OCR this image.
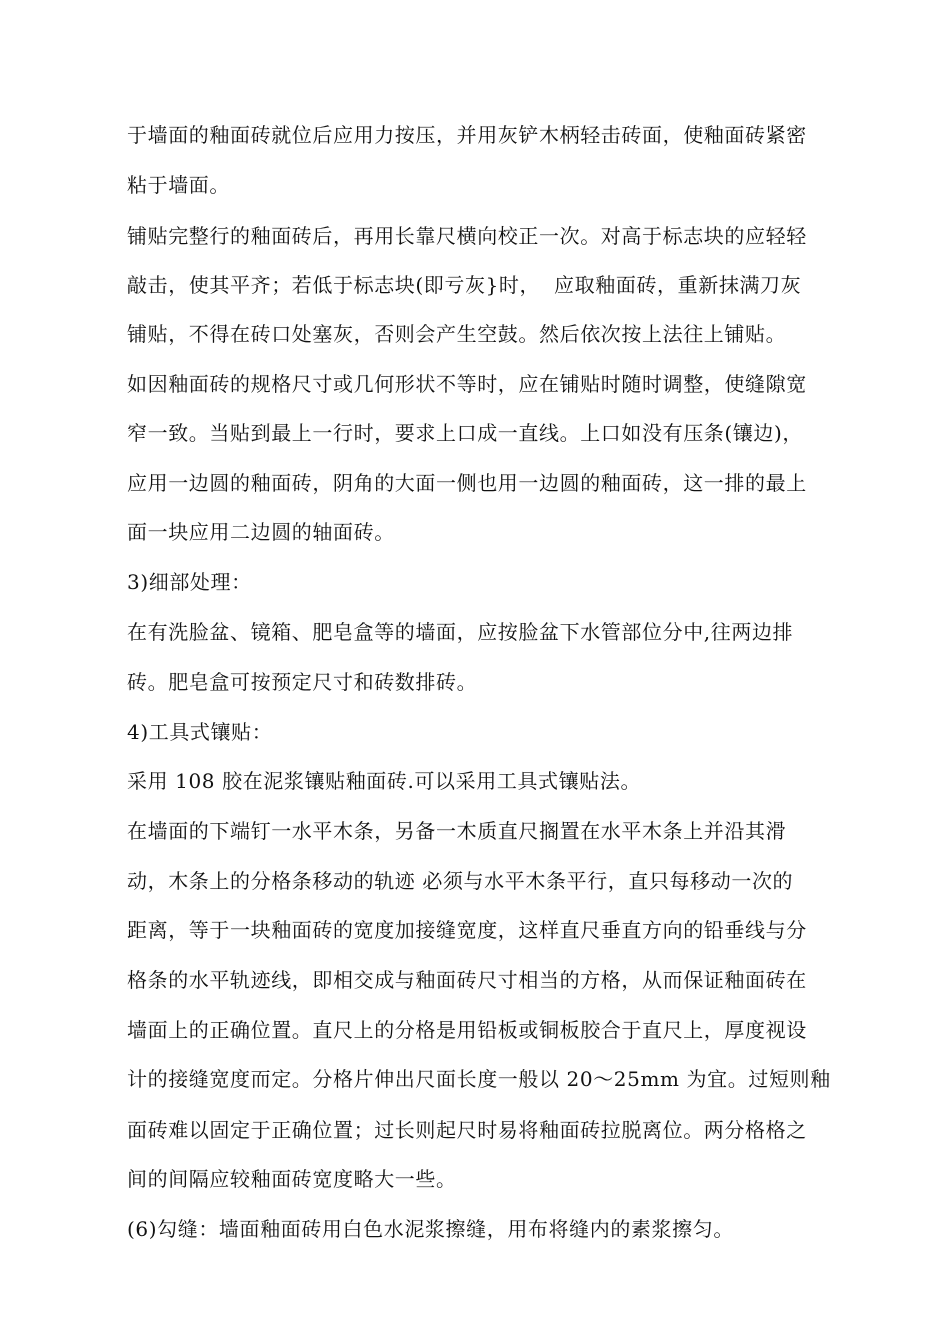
于墙面的釉面砖就位后应用力按压，并用灰铲木柄轻击砖面，使釉面砖紧密
粘于墙面。
铺贴完整行的釉面砖后，再用长靠尺横向校正一次。对高于标志块的应轻轻
敲击，使其平齐；若低于标志块(即亏灰}时，  应取釉面砖，重新抹满刀灰
铺贴，不得在砖口处塞灰，否则会产生空鼓。然后依次按上法往上铺贴。
如因釉面砖的规格尺寸或几何形状不等时，应在铺贴时随时调整，使缝隙宽
窄一致。当贴到最上一行时，要求上口成一直线。上口如没有压条(镶边)，
应用一边圆的釉面砖，阴角的大面一侧也用一边圆的釉面砖，这一排的最上
面一块应用二边圆的轴面砖。
3)细部处理：
在有洗脸盆、镜箱、肥皂盒等的墙面，应按脸盆下水管部位分中,往两边排
砖。肥皂盒可按预定尺寸和砖数排砖。
4)工具式镶贴：
采用 108 胶在泥浆镶贴釉面砖.可以采用工具式镶贴法。
在墙面的下端钉一水平木条，另备一木质直尺搁置在水平木条上并沿其滑
动，木条上的分格条移动的轨迹 必须与水平木条平行，直只每移动一次的
距离，等于一块釉面砖的宽度加接缝宽度，这样直尺垂直方向的铅垂线与分
格条的水平轨迹线，即相交成与釉面砖尺寸相当的方格，从而保证釉面砖在
墙面上的正确位置。直尺上的分格是用铅板或铜板胶合于直尺上，厚度视设
计的接缝宽度而定。分格片伸出尺面长度一般以 20～25mm 为宜。过短则釉
面砖难以固定于正确位置；过长则起尺时易将釉面砖拉脱离位。两分格格之
间的间隔应较釉面砖宽度略大一些。
(6)勾缝：墙面釉面砖用白色水泥浆擦缝，用布将缝内的素浆擦匀。
